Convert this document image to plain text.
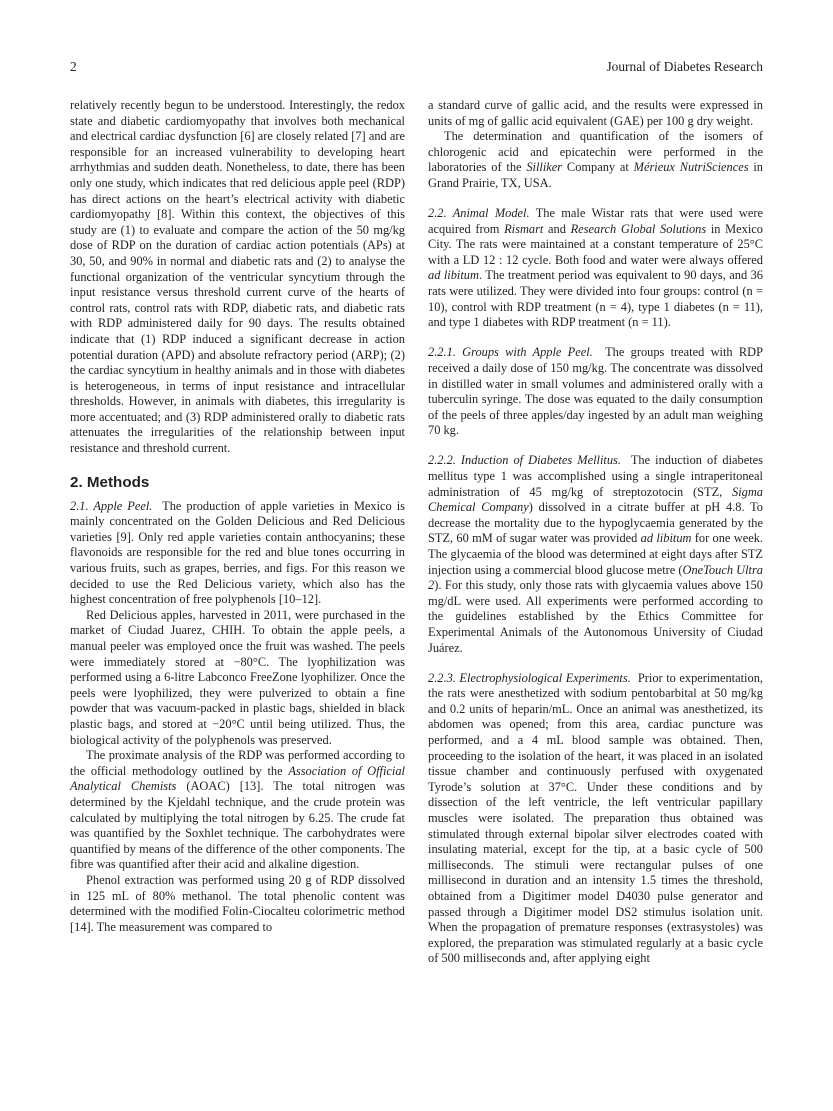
2	Journal of Diabetes Research

relatively recently begun to be understood. Interestingly, the redox state and diabetic cardiomyopathy that involves both mechanical and electrical cardiac dysfunction [6] are closely related [7] and are responsible for an increased vulnerability to developing heart arrhythmias and sudden death. Nonetheless, to date, there has been only one study, which indicates that red delicious apple peel (RDP) has direct actions on the heart’s electrical activity with diabetic cardiomyopathy [8]. Within this context, the objectives of this study are (1) to evaluate and compare the action of the 50 mg/kg dose of RDP on the duration of cardiac action potentials (APs) at 30, 50, and 90% in normal and diabetic rats and (2) to analyse the functional organization of the ventricular syncytium through the input resistance versus threshold current curve of the hearts of control rats, control rats with RDP, diabetic rats, and diabetic rats with RDP administered daily for 90 days. The results obtained indicate that (1) RDP induced a significant decrease in action potential duration (APD) and absolute refractory period (ARP); (2) the cardiac syncytium in healthy animals and in those with diabetes is heterogeneous, in terms of input resistance and intracellular thresholds. However, in animals with diabetes, this irregularity is more accentuated; and (3) RDP administered orally to diabetic rats attenuates the irregularities of the relationship between input resistance and threshold current.

2. Methods

2.1. Apple Peel. The production of apple varieties in Mexico is mainly concentrated on the Golden Delicious and Red Delicious varieties [9]. Only red apple varieties contain anthocyanins; these flavonoids are responsible for the red and blue tones occurring in various fruits, such as grapes, berries, and figs. For this reason we decided to use the Red Delicious variety, which also has the highest concentration of free polyphenols [10–12].

Red Delicious apples, harvested in 2011, were purchased in the market of Ciudad Juarez, CHIH. To obtain the apple peels, a manual peeler was employed once the fruit was washed. The peels were immediately stored at −80°C. The lyophilization was performed using a 6-litre Labconco FreeZone lyophilizer. Once the peels were lyophilized, they were pulverized to obtain a fine powder that was vacuum-packed in plastic bags, shielded in black plastic bags, and stored at −20°C until being utilized. Thus, the biological activity of the polyphenols was preserved.

The proximate analysis of the RDP was performed according to the official methodology outlined by the Association of Official Analytical Chemists (AOAC) [13]. The total nitrogen was determined by the Kjeldahl technique, and the crude protein was calculated by multiplying the total nitrogen by 6.25. The crude fat was quantified by the Soxhlet technique. The carbohydrates were quantified by means of the difference of the other components. The fibre was quantified after their acid and alkaline digestion.

Phenol extraction was performed using 20 g of RDP dissolved in 125 mL of 80% methanol. The total phenolic content was determined with the modified Folin-Ciocalteu colorimetric method [14]. The measurement was compared to

a standard curve of gallic acid, and the results were expressed in units of mg of gallic acid equivalent (GAE) per 100 g dry weight.

The determination and quantification of the isomers of chlorogenic acid and epicatechin were performed in the laboratories of the Silliker Company at Mérieux NutriSciences in Grand Prairie, TX, USA.

2.2. Animal Model. The male Wistar rats that were used were acquired from Rismart and Research Global Solutions in Mexico City. The rats were maintained at a constant temperature of 25°C with a LD 12 : 12 cycle. Both food and water were always offered ad libitum. The treatment period was equivalent to 90 days, and 36 rats were utilized. They were divided into four groups: control (n = 10), control with RDP treatment (n = 4), type 1 diabetes (n = 11), and type 1 diabetes with RDP treatment (n = 11).

2.2.1. Groups with Apple Peel. The groups treated with RDP received a daily dose of 150 mg/kg. The concentrate was dissolved in distilled water in small volumes and administered orally with a tuberculin syringe. The dose was equated to the daily consumption of the peels of three apples/day ingested by an adult man weighing 70 kg.

2.2.2. Induction of Diabetes Mellitus. The induction of diabetes mellitus type 1 was accomplished using a single intraperitoneal administration of 45 mg/kg of streptozotocin (STZ, Sigma Chemical Company) dissolved in a citrate buffer at pH 4.8. To decrease the mortality due to the hypoglycaemia generated by the STZ, 60 mM of sugar water was provided ad libitum for one week. The glycaemia of the blood was determined at eight days after STZ injection using a commercial blood glucose metre (OneTouch Ultra 2). For this study, only those rats with glycaemia values above 150 mg/dL were used. All experiments were performed according to the guidelines established by the Ethics Committee for Experimental Animals of the Autonomous University of Ciudad Juárez.

2.2.3. Electrophysiological Experiments. Prior to experimentation, the rats were anesthetized with sodium pentobarbital at 50 mg/kg and 0.2 units of heparin/mL. Once an animal was anesthetized, its abdomen was opened; from this area, cardiac puncture was performed, and a 4 mL blood sample was obtained. Then, proceeding to the isolation of the heart, it was placed in an isolated tissue chamber and continuously perfused with oxygenated Tyrode’s solution at 37°C. Under these conditions and by dissection of the left ventricle, the left ventricular papillary muscles were isolated. The preparation thus obtained was stimulated through external bipolar silver electrodes coated with insulating material, except for the tip, at a basic cycle of 500 milliseconds. The stimuli were rectangular pulses of one millisecond in duration and an intensity 1.5 times the threshold, obtained from a Digitimer model D4030 pulse generator and passed through a Digitimer model DS2 stimulus isolation unit. When the propagation of premature responses (extrasystoles) was explored, the preparation was stimulated regularly at a basic cycle of 500 milliseconds and, after applying eight
